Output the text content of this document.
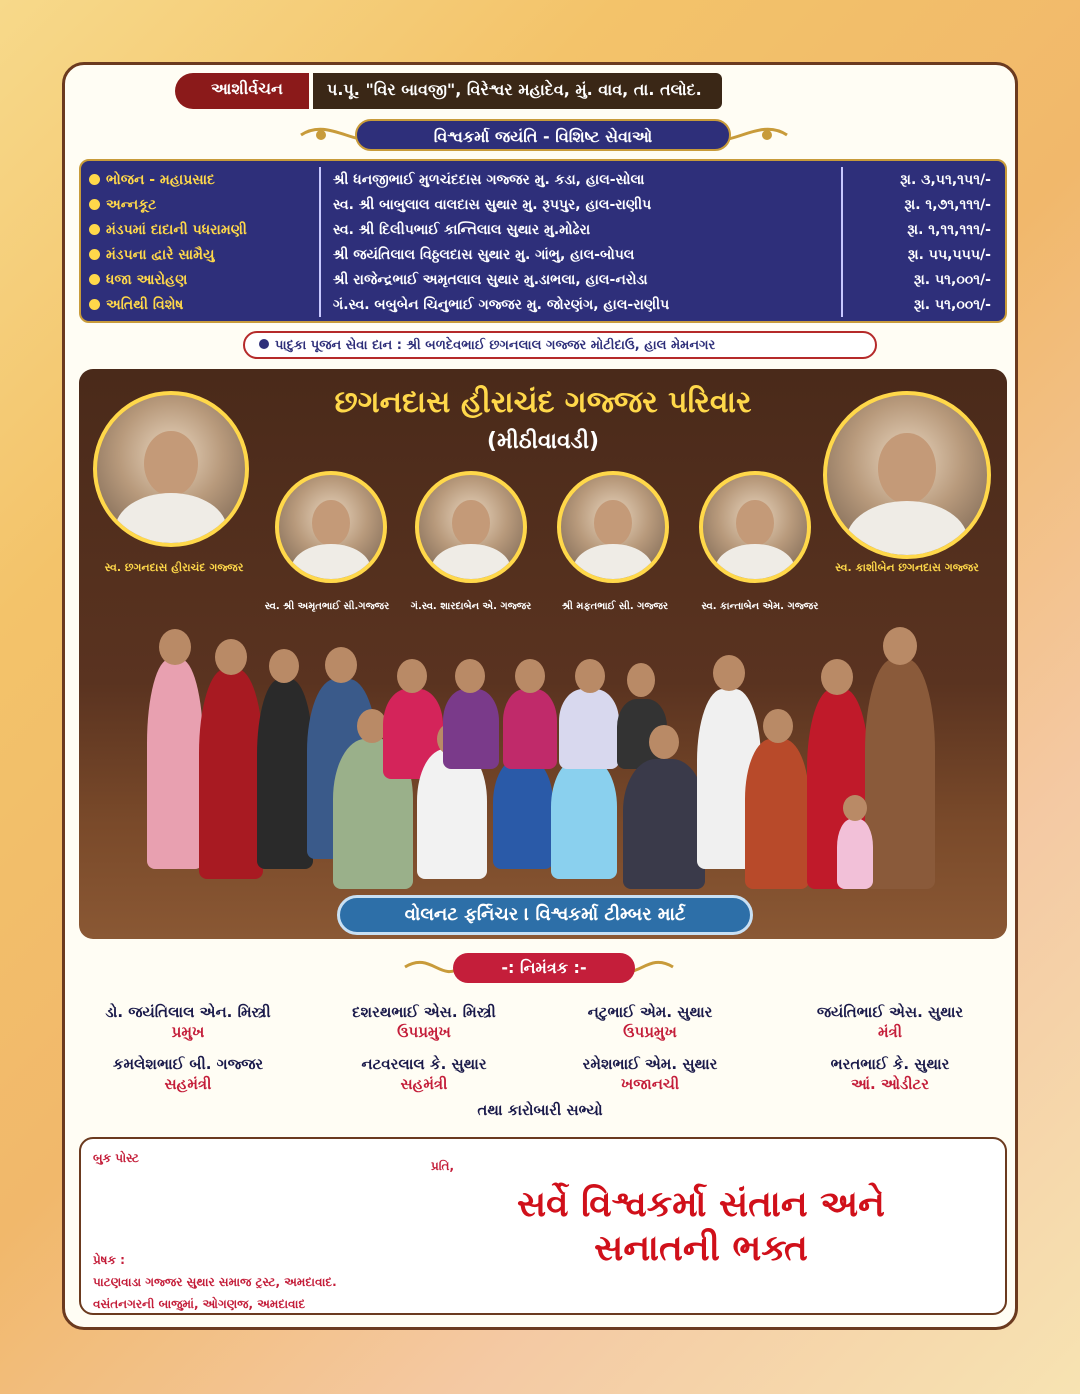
આશીર્વચન	પ.પૂ. "વિર બાવજી", વિરેશ્વર મહાદેવ, મું. વાવ, તા. તલોદ.
વિશ્વકર્મા જયંતિ - વિશિષ્ટ સેવાઓ
ભોજન - મહાપ્રસાદ	શ્રી ધનજીભાઈ મુળચંદદાસ ગજ્જર મુ. કડા, હાલ-સોલા	રૂા. ૩,૫૧,૧૫૧/-
અન્નકૂટ	સ્વ. શ્રી બાબુલાલ વાલદાસ સુથાર મુ. રૂપપુર, હાલ-રાણીપ	રૂા. ૧,૭૧,૧૧૧/-
મંડપમાં દાદાની પધરામણી	સ્વ. શ્રી દિલીપભાઈ કાન્તિલાલ સુથાર મુ.મોઢેરા	રૂા. ૧,૧૧,૧૧૧/-
મંડપના દ્વારે સામૈયુ	શ્રી જયંતિલાલ વિઠ્ઠલદાસ સુથાર મુ. ગાંભુ, હાલ-બોપલ	રૂા. ૫૫,૫૫૫/-
ધજા આરોહણ	શ્રી રાજેન્દ્રભાઈ અમૃતલાલ સુથાર મુ.ડાભલા, હાલ-નરોડા	રૂા. ૫૧,૦૦૧/-
અતિથી વિશેષ	ગં.સ્વ. બબુબેન ચિનુભાઈ ગજ્જર મુ. જોરણંગ, હાલ-રાણીપ	રૂા. ૫૧,૦૦૧/-
પાદુકા પૂજન સેવા દાન : શ્રી બળદેવભાઈ છગનલાલ ગજ્જર મોટીદાઉ, હાલ મેમનગર
છગનદાસ હીરાચંદ ગજ્જર પરિવાર
(મીઠીવાવડી)
સ્વ. છગનદાસ હીરાચંદ ગજ્જર	સ્વ. કાશીબેન છગનદાસ ગજ્જર
સ્વ. શ્રી અમૃતભાઈ સી.ગજ્જર	ગં.સ્વ. શારદાબેન એ. ગજ્જર	શ્રી મફતભાઈ સી. ગજ્જર	સ્વ. કાન્તાબેન એમ. ગજ્જર
વોલનટ ફર્નિચર । વિશ્વકર્મા ટીમ્બર માર્ટ
-: નિમંત્રક :-
ડો. જયંતિલાલ એન. મિસ્ત્રી
પ્રમુખ
દશરથભાઈ એસ. મિસ્ત્રી
ઉપપ્રમુખ
નટુભાઈ એમ. સુથાર
ઉપપ્રમુખ
જયંતિભાઈ એસ. સુથાર
મંત્રી
કમલેશભાઈ બી. ગજ્જર
સહમંત્રી
નટવરલાલ કે. સુથાર
સહમંત્રી
રમેશભાઈ એમ. સુથાર
ખજાનચી
ભરતભાઈ કે. સુથાર
આં. ઓડીટર
તથા કારોબારી સભ્યો
બુક પોસ્ટ
પ્રતિ,
સર્વે વિશ્વકર્મા સંતાન અને
સનાતની ભક્ત
પ્રેષક :
પાટણવાડા ગજ્જર સુથાર સમાજ ટ્રસ્ટ, અમદાવાદ.
વસંતનગરની બાજુમાં, ઓગણજ, અમદાવાદ
